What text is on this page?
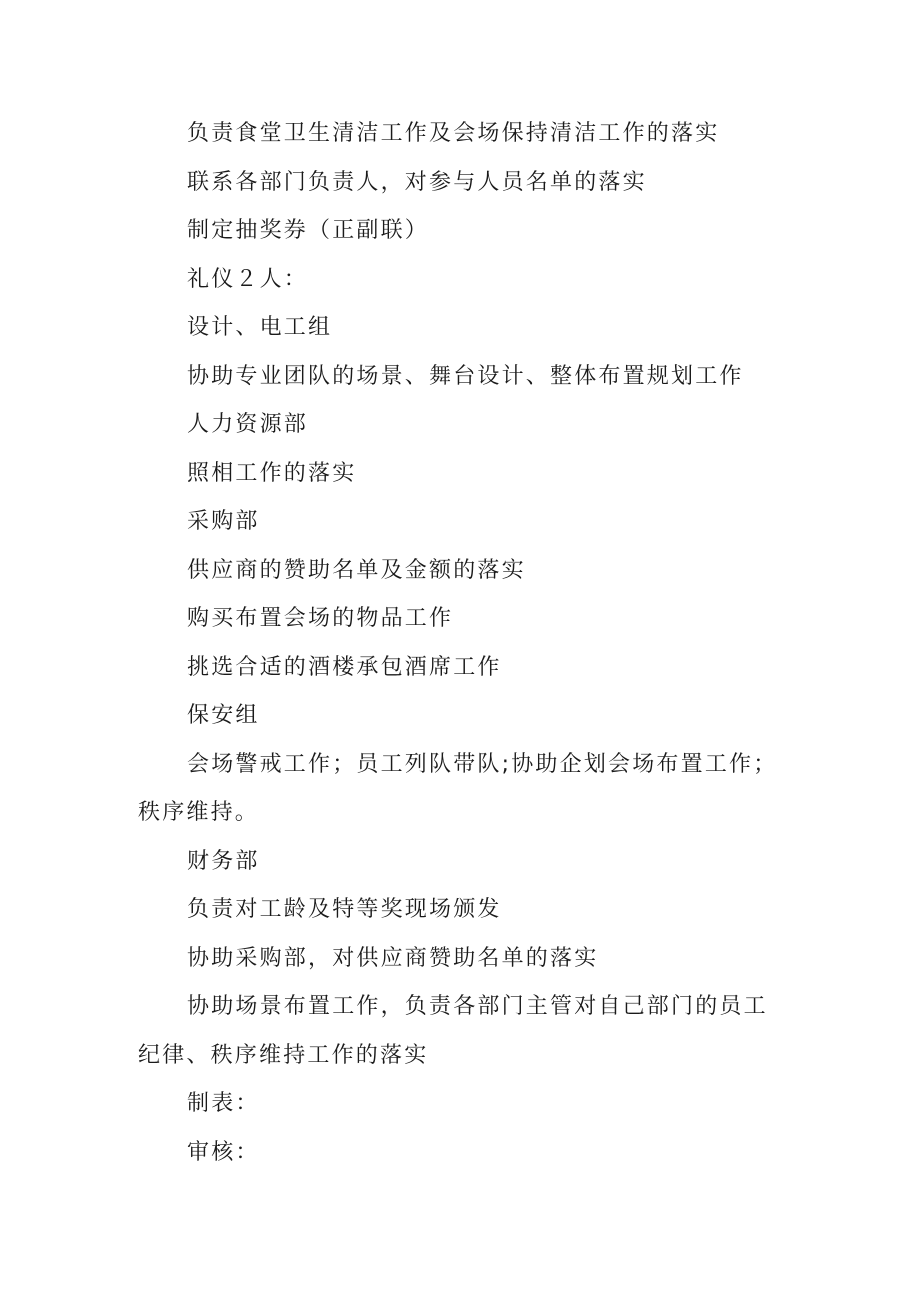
负责食堂卫生清洁工作及会场保持清洁工作的落实

联系各部门负责人，对参与人员名单的落实

制定抽奖券（正副联）

礼仪２人：

设计、电工组

协助专业团队的场景、舞台设计、整体布置规划工作

人力资源部

照相工作的落实

采购部

供应商的赞助名单及金额的落实

购买布置会场的物品工作

挑选合适的酒楼承包酒席工作

保安组

会场警戒工作；员工列队带队;协助企划会场布置工作；秩序维持。

财务部

负责对工龄及特等奖现场颁发

协助采购部，对供应商赞助名单的落实

协助场景布置工作，负责各部门主管对自己部门的员工纪律、秩序维持工作的落实

制表：

审核：
